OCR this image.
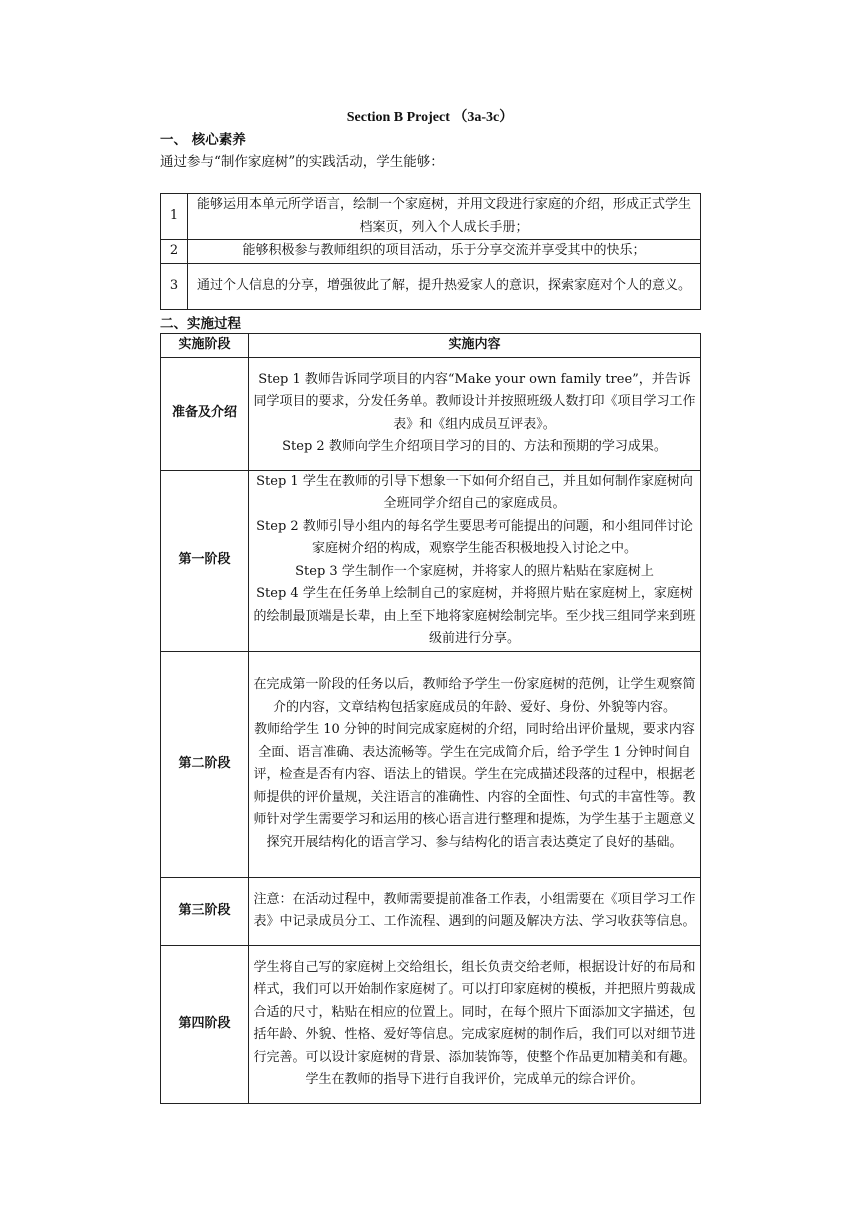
Section B Project （3a-3c）
一、 核心素养
通过参与“制作家庭树”的实践活动，学生能够：
1	能够运用本单元所学语言，绘制一个家庭树，并用文段进行家庭的介绍，形成正式学生档案页，列入个人成长手册；
2	能够积极参与教师组织的项目活动，乐于分享交流并享受其中的快乐；
3	通过个人信息的分享，增强彼此了解，提升热爱家人的意识，探索家庭对个人的意义。
二、实施过程
实施阶段	实施内容
准备及介绍	Step 1 教师告诉同学项目的内容“Make your own family tree”，并告诉同学项目的要求，分发任务单。教师设计并按照班级人数打印《项目学习工作表》和《组内成员互评表》。

Step 2 教师向学生介绍项目学习的目的、方法和预期的学习成果。

第一阶段	Step 1 学生在教师的引导下想象一下如何介绍自己，并且如何制作家庭树向全班同学介绍自己的家庭成员。

Step 2 教师引导小组内的每名学生要思考可能提出的问题，和小组同伴讨论家庭树介绍的构成，观察学生能否积极地投入讨论之中。

Step 3 学生制作一个家庭树，并将家人的照片粘贴在家庭树上

Step 4 学生在任务单上绘制自己的家庭树，并将照片贴在家庭树上，家庭树的绘制最顶端是长辈，由上至下地将家庭树绘制完毕。至少找三组同学来到班级前进行分享。

第二阶段	在完成第一阶段的任务以后，教师给予学生一份家庭树的范例，让学生观察简介的内容，文章结构包括家庭成员的年龄、爱好、身份、外貌等内容。

教师给学生 10 分钟的时间完成家庭树的介绍，同时给出评价量规，要求内容全面、语言准确、表达流畅等。学生在完成简介后，给予学生 1 分钟时间自评，检查是否有内容、语法上的错误。学生在完成描述段落的过程中，根据老师提供的评价量规，关注语言的准确性、内容的全面性、句式的丰富性等。教师针对学生需要学习和运用的核心语言进行整理和提炼，为学生基于主题意义探究开展结构化的语言学习、参与结构化的语言表达奠定了良好的基础。

第三阶段	注意：在活动过程中，教师需要提前准备工作表，小组需要在《项目学习工作表》中记录成员分工、工作流程、遇到的问题及解决方法、学习收获等信息。

第四阶段	学生将自己写的家庭树上交给组长，组长负责交给老师，根据设计好的布局和样式，我们可以开始制作家庭树了。可以打印家庭树的模板，并把照片剪裁成合适的尺寸，粘贴在相应的位置上。同时，在每个照片下面添加文字描述，包括年龄、外貌、性格、爱好等信息。完成家庭树的制作后，我们可以对细节进行完善。可以设计家庭树的背景、添加装饰等，使整个作品更加精美和有趣。学生在教师的指导下进行自我评价，完成单元的综合评价。
